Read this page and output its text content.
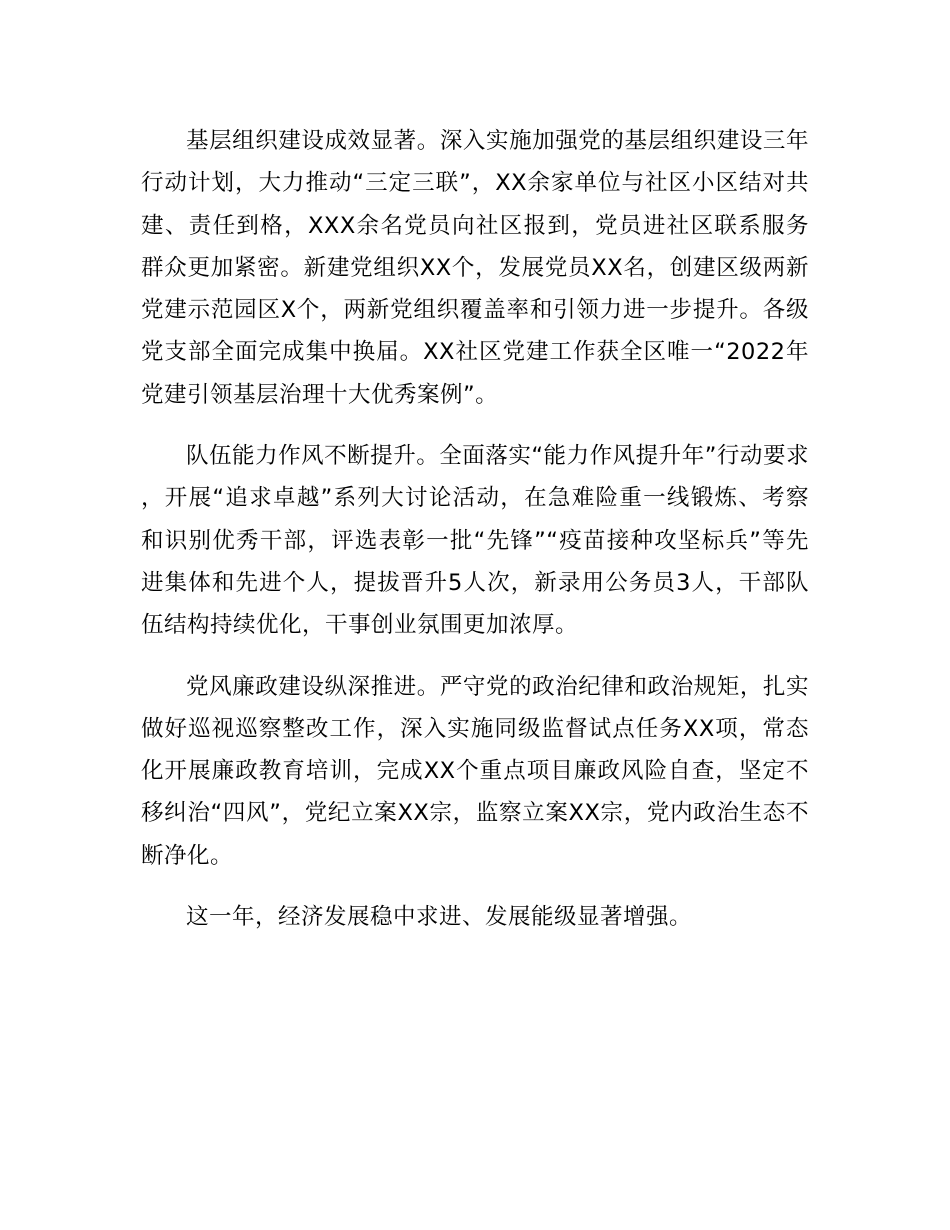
基层组织建设成效显著。深入实施加强党的基层组织建设三年行动计划，大力推动“三定三联”，XX余家单位与社区小区结对共建、责任到格，XXX余名党员向社区报到，党员进社区联系服务群众更加紧密。新建党组织XX个，发展党员XX名，创建区级两新党建示范园区X个，两新党组织覆盖率和引领力进一步提升。各级党支部全面完成集中换届。XX社区党建工作获全区唯一“2022年党建引领基层治理十大优秀案例”。

队伍能力作风不断提升。全面落实“能力作风提升年”行动要求，开展“追求卓越”系列大讨论活动，在急难险重一线锻炼、考察和识别优秀干部，评选表彰一批“先锋”“疫苗接种攻坚标兵”等先进集体和先进个人，提拔晋升5人次，新录用公务员3人，干部队伍结构持续优化，干事创业氛围更加浓厚。

党风廉政建设纵深推进。严守党的政治纪律和政治规矩，扎实做好巡视巡察整改工作，深入实施同级监督试点任务XX项，常态化开展廉政教育培训，完成XX个重点项目廉政风险自查，坚定不移纠治“四风”，党纪立案XX宗，监察立案XX宗，党内政治生态不断净化。

这一年，经济发展稳中求进、发展能级显著增强。
